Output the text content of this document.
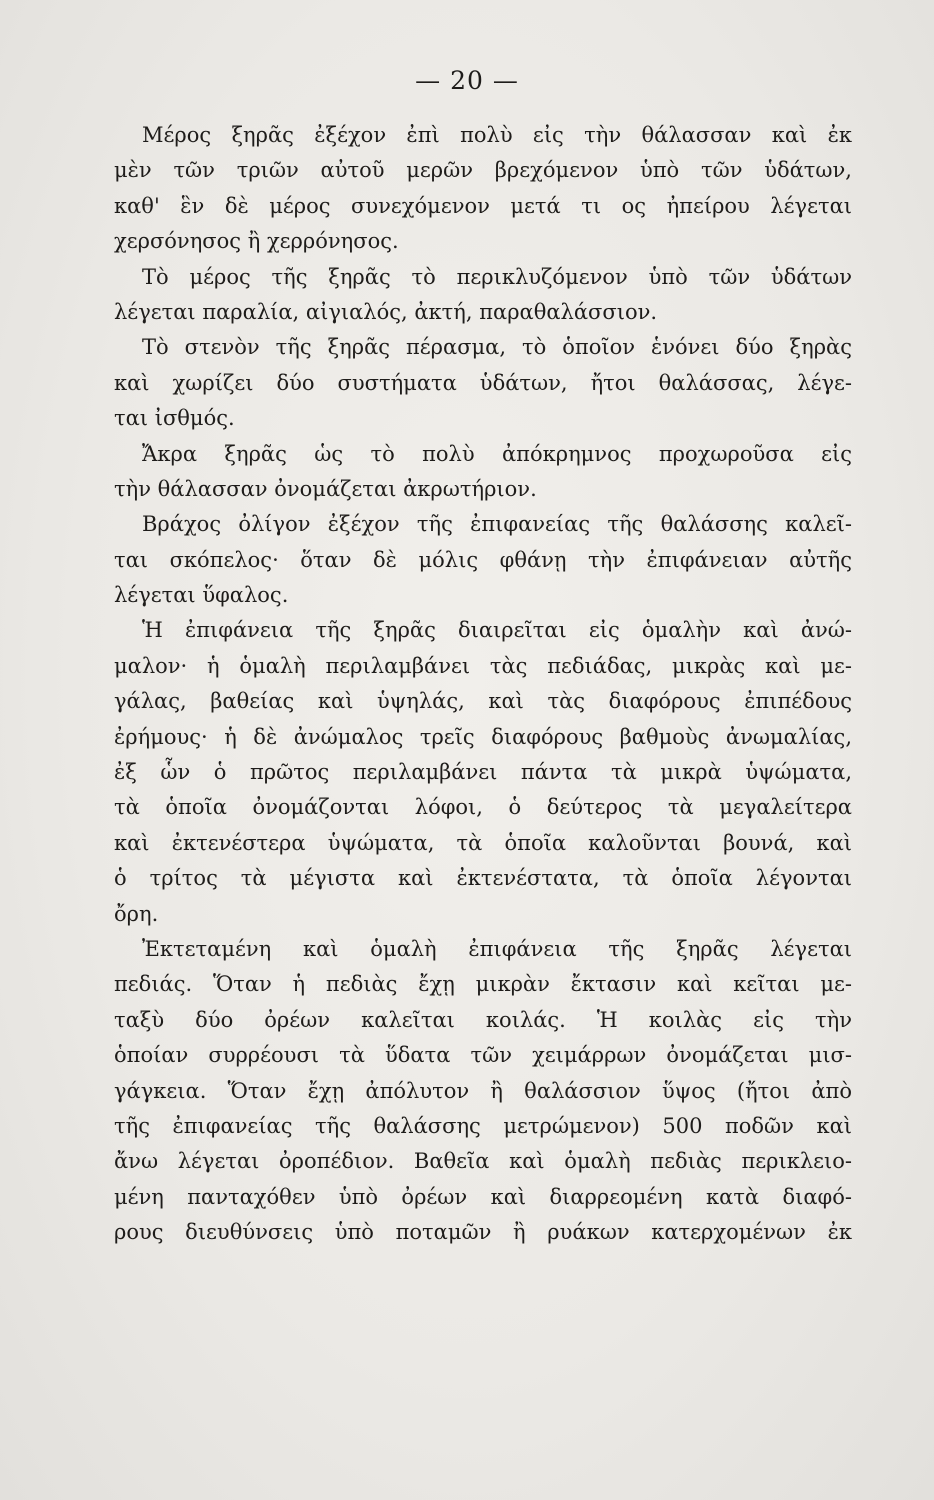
— 20 —
Μέρος ξηρᾶς ἐξέχον ἐπὶ πολὺ εἰς τὴν θάλασσαν καὶ ἐκ
μὲν τῶν τριῶν αὐτοῦ μερῶν βρεχόμενον ὑπὸ τῶν ὑδάτων,
καθ' ἓν δὲ μέρος συνεχόμενον μετά τι ος ἠπείρου λέγεται
χερσόνησος ἢ χερρόνησος.
Τὸ μέρος τῆς ξηρᾶς τὸ περικλυζόμενον ὑπὸ τῶν ὑδάτων
λέγεται παραλία, αἰγιαλός, ἀκτή, παραθαλάσσιον.
Τὸ στενὸν τῆς ξηρᾶς πέρασμα, τὸ ὁποῖον ἑνόνει δύο ξηρὰς
καὶ χωρίζει δύο συστήματα ὑδάτων, ἤτοι θαλάσσας, λέγε-
ται ἰσθμός.
Ἄκρα ξηρᾶς ὡς τὸ πολὺ ἀπόκρημνος προχωροῦσα εἰς
τὴν θάλασσαν ὀνομάζεται ἀκρωτήριον.
Βράχος ὀλίγον ἐξέχον τῆς ἐπιφανείας τῆς θαλάσσης καλεῖ-
ται σκόπελος· ὅταν δὲ μόλις φθάνῃ τὴν ἐπιφάνειαν αὐτῆς
λέγεται ὕφαλος.
Ἡ ἐπιφάνεια τῆς ξηρᾶς διαιρεῖται εἰς ὁμαλὴν καὶ ἀνώ-
μαλον· ἡ ὁμαλὴ περιλαμβάνει τὰς πεδιάδας, μικρὰς καὶ με-
γάλας, βαθείας καὶ ὑψηλάς, καὶ τὰς διαφόρους ἐπιπέδους
ἐρήμους· ἡ δὲ ἀνώμαλος τρεῖς διαφόρους βαθμοὺς ἀνωμαλίας,
ἐξ ὧν ὁ πρῶτος περιλαμβάνει πάντα τὰ μικρὰ ὑψώματα,
τὰ ὁποῖα ὀνομάζονται λόφοι, ὁ δεύτερος τὰ μεγαλείτερα
καὶ ἐκτενέστερα ὑψώματα, τὰ ὁποῖα καλοῦνται βουνά, καὶ
ὁ τρίτος τὰ μέγιστα καὶ ἐκτενέστατα, τὰ ὁποῖα λέγονται
ὄρη.
Ἐκτεταμένη καὶ ὁμαλὴ ἐπιφάνεια τῆς ξηρᾶς λέγεται
πεδιάς. Ὅταν ἡ πεδιὰς ἔχῃ μικρὰν ἔκτασιν καὶ κεῖται με-
ταξὺ δύο ὀρέων καλεῖται κοιλάς. Ἡ κοιλὰς εἰς τὴν
ὁποίαν συρρέουσι τὰ ὕδατα τῶν χειμάρρων ὀνομάζεται μισ-
γάγκεια. Ὅταν ἔχῃ ἀπόλυτον ἢ θαλάσσιον ὕψος (ἤτοι ἀπὸ
τῆς ἐπιφανείας τῆς θαλάσσης μετρώμενον) 500 ποδῶν καὶ
ἄνω λέγεται ὀροπέδιον. Βαθεῖα καὶ ὁμαλὴ πεδιὰς περικλειο-
μένη πανταχόθεν ὑπὸ ὀρέων καὶ διαρρεομένη κατὰ διαφό-
ρους διευθύνσεις ὑπὸ ποταμῶν ἢ ρυάκων κατερχομένων ἐκ
